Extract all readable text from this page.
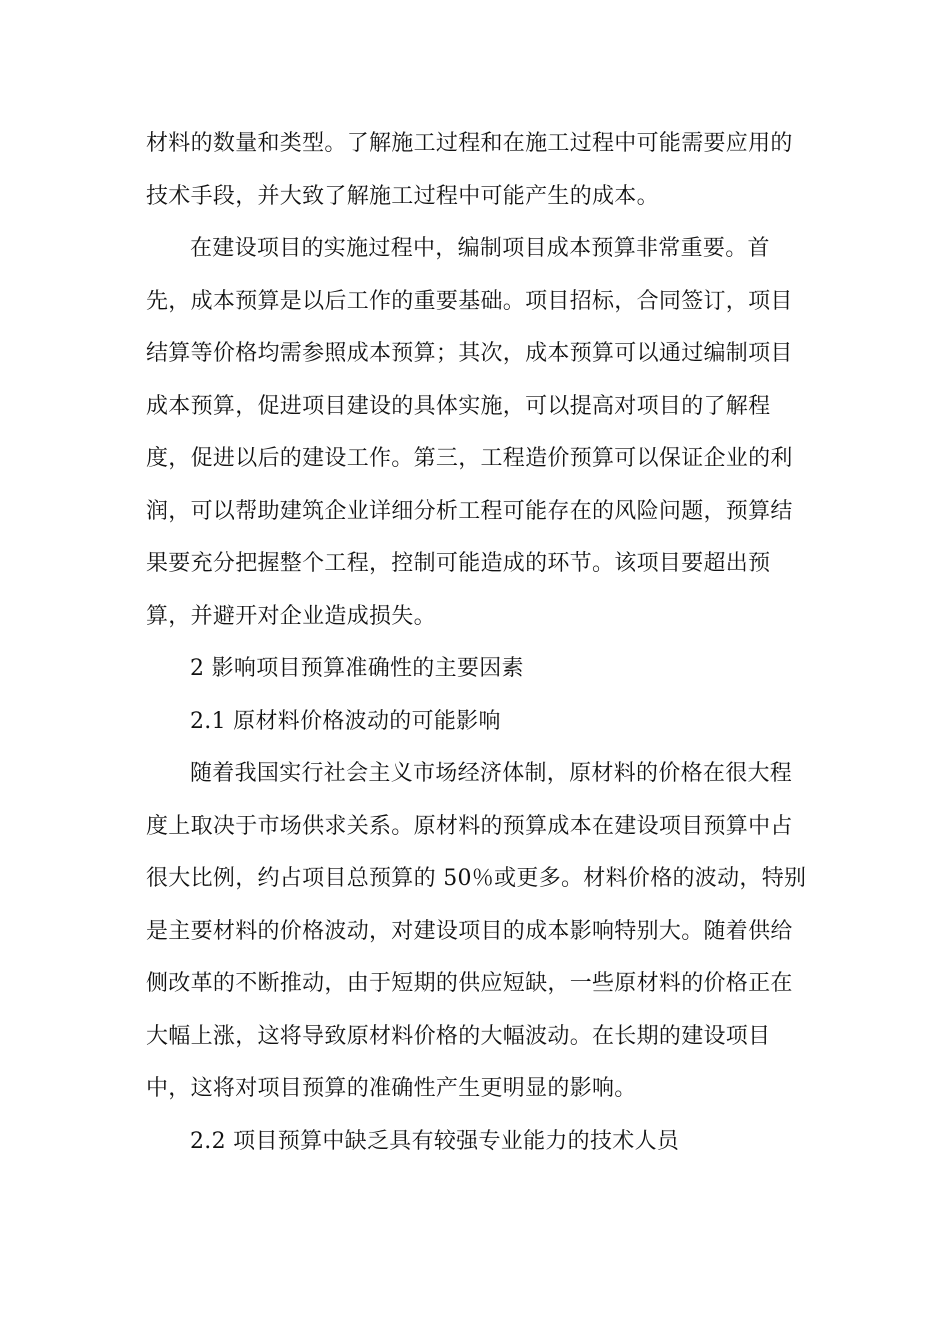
材料的数量和类型。了解施工过程和在施工过程中可能需要应用的
技术手段，并大致了解施工过程中可能产生的成本。

在建设项目的实施过程中，编制项目成本预算非常重要。首
先，成本预算是以后工作的重要基础。项目招标，合同签订，项目
结算等价格均需参照成本预算；其次，成本预算可以通过编制项目
成本预算，促进项目建设的具体实施，可以提高对项目的了解程
度，促进以后的建设工作。第三，工程造价预算可以保证企业的利
润，可以帮助建筑企业详细分析工程可能存在的风险问题，预算结
果要充分把握整个工程，控制可能造成的环节。该项目要超出预
算，并避开对企业造成损失。

2 影响项目预算准确性的主要因素

2.1 原材料价格波动的可能影响

随着我国实行社会主义市场经济体制，原材料的价格在很大程
度上取决于市场供求关系。原材料的预算成本在建设项目预算中占
很大比例，约占项目总预算的 50％或更多。材料价格的波动，特别
是主要材料的价格波动，对建设项目的成本影响特别大。随着供给
侧改革的不断推动，由于短期的供应短缺，一些原材料的价格正在
大幅上涨，这将导致原材料价格的大幅波动。在长期的建设项目
中，这将对项目预算的准确性产生更明显的影响。

2.2 项目预算中缺乏具有较强专业能力的技术人员
